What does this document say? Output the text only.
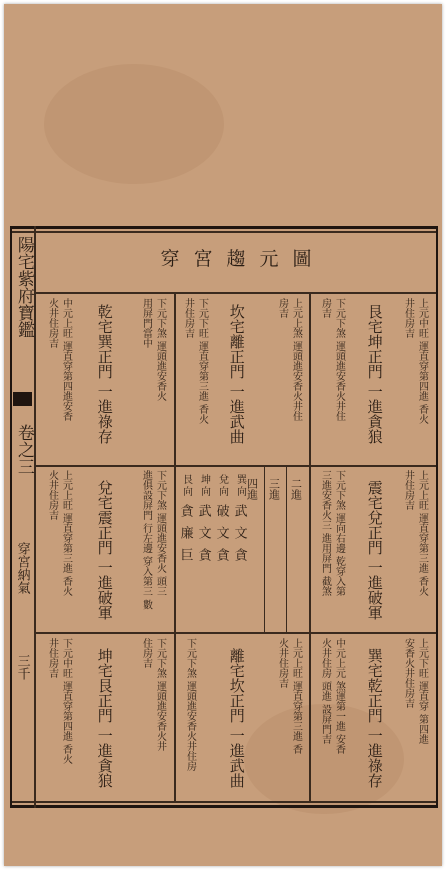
陽宅紫府寶鑑
卷之三
穿宮納氣
三千
穿宮趨元圖
上元中旺 運直穿第四進 香火
井住房吉
艮宅坤正門 一進貪狼
下元下煞 運頭進安香火井住
房吉
上元上煞 運頭進安香火井住
房吉
坎宅離正門 一進武曲
下元下旺 運直穿第三進 香火
井住房吉
下元下煞 運頭進安香火
用屏門當中
乾宅巽正門 一進祿存
中元上旺 運直穿第四進安香
火井住房吉
上元上旺 運直穿第三進 香火
井住房吉
震宅兌正門 一進破軍
下元下煞 運向右邊 乾穿入第
三進安香火三 進用屏門 截煞
二進
三進
四進
巽
向
武
文
貪
兌
向
破
文
貪
坤
向
武
文
貪
艮
向
貪
廉
巨
下元下煞 運頭進安香火 頭三
進俱設屏門 行左邊 穿入第三 數
兌宅震正門 一進破軍
上元上旺 運直穿第三進 香火
火井住房吉
上元下旺 運直穿 第四進
安香火井住房吉
巽宅乾正門 一進祿存
中元上元 煞運第一進 安香
火井住房 頭進 設屏門吉
上元上旺 運直穿第三進 香
火井住房吉
離宅坎正門 一進武曲
下元下煞 運頭進安香火井住房
下元下煞 運頭進安香火井
住房吉
坤宅艮正門 一進貪狼
下元中旺 運直穿第四進 香火
井住房吉
